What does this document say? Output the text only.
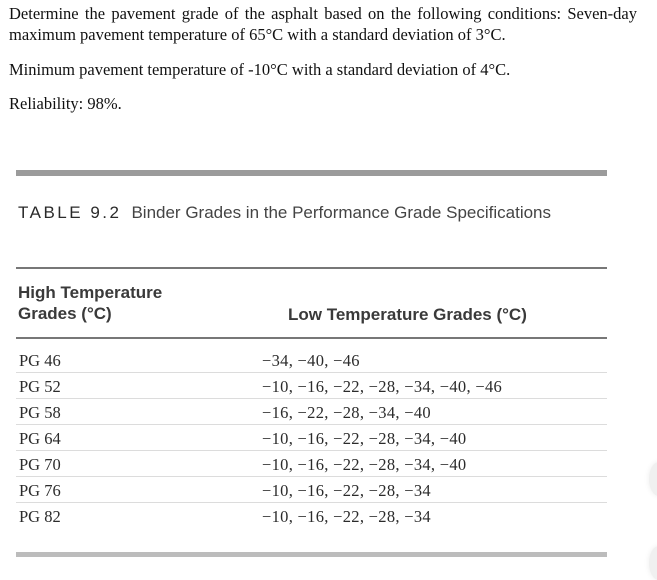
Determine the pavement grade of the asphalt based on the following conditions: Seven-day maximum pavement temperature of 65°C with a standard deviation of 3°C.

Minimum pavement temperature of -10°C with a standard deviation of 4°C.

Reliability: 98%.

TABLE 9.2 Binder Grades in the Performance Grade Specifications
High Temperature Grades (°C)	Low Temperature Grades (°C)
PG 46	−34, −40, −46
PG 52	−10, −16, −22, −28, −34, −40, −46
PG 58	−16, −22, −28, −34, −40
PG 64	−10, −16, −22, −28, −34, −40
PG 70	−10, −16, −22, −28, −34, −40
PG 76	−10, −16, −22, −28, −34
PG 82	−10, −16, −22, −28, −34
